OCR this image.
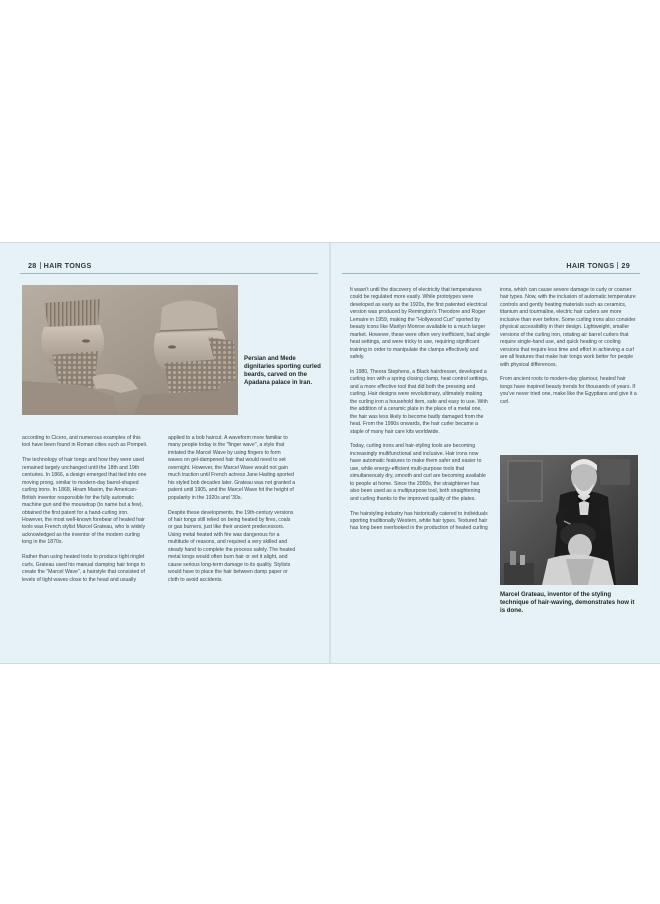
28 HAIR TONGS	HAIR TONGS 29
Persian and Mede dignitaries sporting curled beards, carved on the Apadana palace in Iran.

according to Cicero, and numerous examples of this tool have been found in Roman cities such as Pompeii.

The technology of hair tongs and how they were used remained largely unchanged until the 18th and 19th centuries. In 1866, a design emerged that tied into one moving prong, similar to modern-day barrel-shaped curling irons. In 1868, Hiram Maxim, the American-British inventor responsible for the fully automatic machine gun and the mousetrap (to name but a few), obtained the first patent for a hand-curling iron. However, the most well-known forebear of heated hair tools was French stylist Marcel Grateau, who is widely acknowledged as the inventor of the modern curling tong in the 1870s.

Rather than using heated tools to produce tight ringlet curls, Grateau used his manual clamping hair tongs to create the "Marcel Wave", a hairstyle that consisted of levels of tight waves close to the head and usually

applied to a bob haircut. A waveform more familiar to many people today is the "finger wave", a style that imitated the Marcel Wave by using fingers to form waves on gel-dampened hair that would need to set overnight. However, the Marcel Wave would not gain much traction until French actress Jane Hading sported his styled bob decades later. Grateau was not granted a patent until 1905, and the Marcel Wave hit the height of popularity in the 1920s and '30s.

Despite these developments, the 19th-century versions of hair tongs still relied on being heated by fires, coals or gas burners, just like their ancient predecessors. Using metal heated with fire was dangerous for a multitude of reasons, and required a very skilled and steady hand to complete the process safely. The heated metal tongs would often burn hair or set it alight, and cause serious long-term damage to its quality. Stylists would have to place the hair between damp paper or cloth to avoid accidents.

It wasn't until the discovery of electricity that temperatures could be regulated more easily. While prototypes were developed as early as the 1920s, the first patented electrical version was produced by Remington's Theodore and Roger Lemaire in 1959, making the "Hollywood Curl" sported by beauty icons like Marilyn Monroe available to a much larger market. However, these were often very inefficient, had single heat settings, and were tricky to use, requiring significant training in order to manipulate the clamps effectively and safely.

In 1980, Theora Stephens, a Black hairdresser, developed a curling iron with a spring closing clamp, heat control settings, and a more effective tool that did both the pressing and curling. Hair designs were revolutionary, ultimately making the curling iron a household item, safe and easy to use. With the addition of a ceramic plate in the place of a metal one, the hair was less likely to become badly damaged from the heat. From the 1990s onwards, the hair curler became a staple of many hair care kits worldwide.

Today, curling irons and hair-styling tools are becoming increasingly multifunctional and inclusive. Hair irons now have automatic features to make them safer and easier to use, while energy-efficient multi-purpose tools that simultaneously dry, smooth and curl are becoming available to people at home. Since the 2000s, the straightener has also been used as a multipurpose tool, both straightening and curling thanks to the improved quality of the plates.

The hairstyling industry has historically catered to individuals sporting traditionally Western, white hair types. Textured hair has long been overlooked in the production of heated curling

irons, which can cause severe damage to curly or coarser hair types. Now, with the inclusion of automatic temperature controls and gently heating materials such as ceramics, titanium and tourmaline, electric hair curlers are more inclusive than ever before. Some curling irons also consider physical accessibility in their design. Lightweight, smaller versions of the curling iron, rotating air barrel curlers that require single-hand use, and quick heating or cooling versions that require less time and effort in achieving a curl are all features that make hair tongs work better for people with physical differences.

From ancient roots to modern-day glamour, heated hair tongs have inspired beauty trends for thousands of years. If you've never tried one, make like the Egyptians and give it a curl.

Marcel Grateau, inventor of the styling technique of hair-waving, demonstrates how it is done.
